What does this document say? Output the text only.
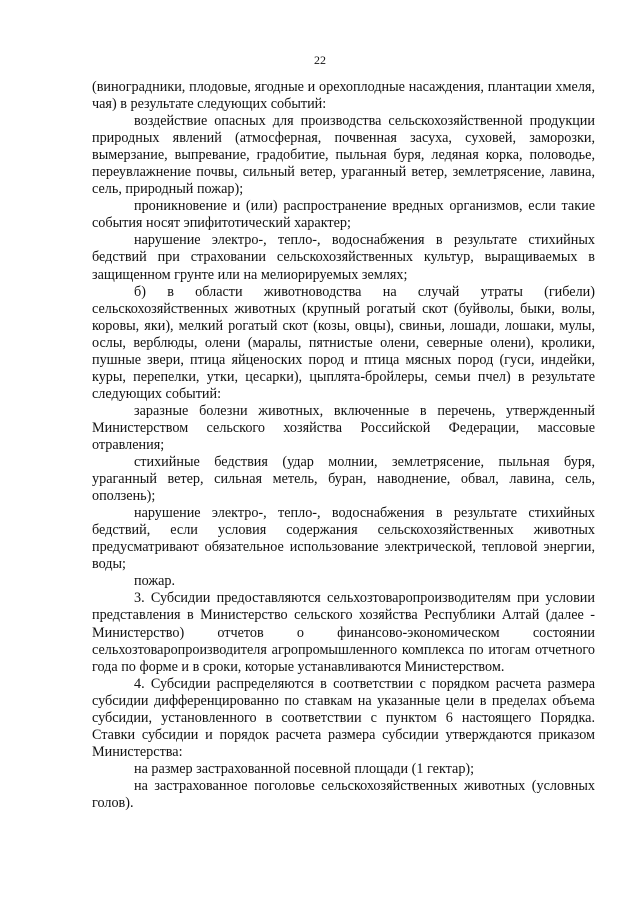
22

(виноградники, плодовые, ягодные и орехоплодные насаждения, плантации хмеля, чая) в результате следующих событий:

воздействие опасных для производства сельскохозяйственной продукции природных явлений (атмосферная, почвенная засуха, суховей, заморозки, вымерзание, выпревание, градобитие, пыльная буря, ледяная корка, половодье, переувлажнение почвы, сильный ветер, ураганный ветер, землетрясение, лавина, сель, природный пожар);

проникновение и (или) распространение вредных организмов, если такие события носят эпифитотический характер;

нарушение электро-, тепло-, водоснабжения в результате стихийных бедствий при страховании сельскохозяйственных культур, выращиваемых в защищенном грунте или на мелиорируемых землях;

б) в области животноводства на случай утраты (гибели) сельскохозяйственных животных (крупный рогатый скот (буйволы, быки, волы, коровы, яки), мелкий рогатый скот (козы, овцы), свиньи, лошади, лошаки, мулы, ослы, верблюды, олени (маралы, пятнистые олени, северные олени), кролики, пушные звери, птица яйценоских пород и птица мясных пород (гуси, индейки, куры, перепелки, утки, цесарки), цыплята-бройлеры, семьи пчел) в результате следующих событий:

заразные болезни животных, включенные в перечень, утвержденный Министерством сельского хозяйства Российской Федерации, массовые отравления;

стихийные бедствия (удар молнии, землетрясение, пыльная буря, ураганный ветер, сильная метель, буран, наводнение, обвал, лавина, сель, оползень);

нарушение электро-, тепло-, водоснабжения в результате стихийных бедствий, если условия содержания сельскохозяйственных животных предусматривают обязательное использование электрической, тепловой энергии, воды;

пожар.

3. Субсидии предоставляются сельхозтоваропроизводителям при условии представления в Министерство сельского хозяйства Республики Алтай (далее - Министерство) отчетов о финансово-экономическом состоянии сельхозтоваропроизводителя агропромышленного комплекса по итогам отчетного года по форме и в сроки, которые устанавливаются Министерством.

4. Субсидии распределяются в соответствии с порядком расчета размера субсидии дифференцированно по ставкам на указанные цели в пределах объема субсидии, установленного в соответствии с пунктом 6 настоящего Порядка. Ставки субсидии и порядок расчета размера субсидии утверждаются приказом Министерства:

на размер застрахованной посевной площади (1 гектар);

на застрахованное поголовье сельскохозяйственных животных (условных голов).
